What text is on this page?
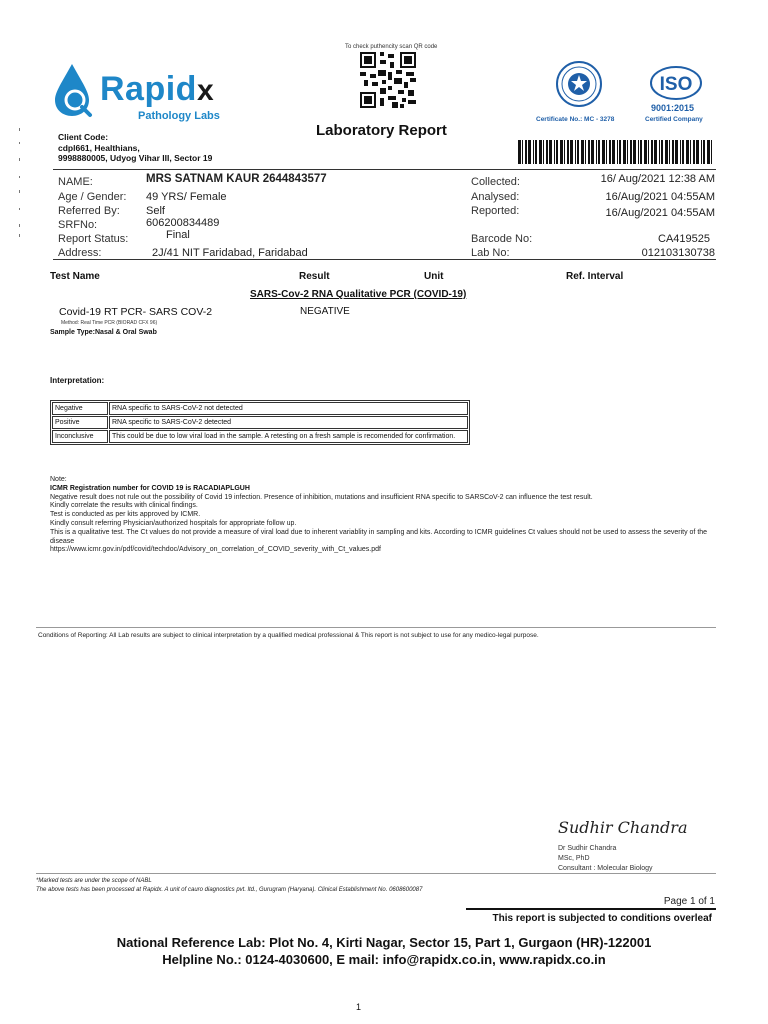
Rapidx
Pathology Labs
To check puthencity scan QR code
Certificate No.: MC - 3278
ISO
9001:2015
Certified Company
Laboratory Report
Client Code:
cdpl661, Healthians,
9998880005, Udyog Vihar III, Sector 19
NAME:	MRS SATNAM KAUR 2644843577
Age / Gender: 49 YRS/ Female
Referred By: Self
SRFNo:	606200834489
Report Status:	Final
Address:	2J/41 NIT Faridabad, Faridabad
Collected:	16/ Aug/2021 12:38 AM
Analysed:	16/Aug/2021 04:55AM
Reported:	16/Aug/2021 04:55AM
Barcode No:	CA419525
Lab No:	012103130738
Test Name	Result	Unit	Ref. Interval
SARS-Cov-2 RNA Qualitative PCR (COVID-19)
Covid-19 RT PCR- SARS COV-2
Method: Real Time PCR (BIORAD CFX 96)
Sample Type:Nasal & Oral Swab
NEGATIVE
Interpretation:
Negative	RNA specific to SARS-CoV-2 not detected
Positive	RNA specific to SARS-CoV-2 detected
Inconclusive	This could be due to low viral load in the sample. A retesting on a fresh sample is recomended for confirmation.
Note:
ICMR Registration number for COVID 19 is RACADIAPLGUH
Negative result does not rule out the possibility of Covid 19 infection. Presence of inhibition, mutations and insufficient RNA specific to SARSCoV-2 can influence the test result.
Kindly correlate the results with clinical findings.
Test is conducted as per kits approved by ICMR.
Kindly consult referring Physician/authorized hospitals for appropriate follow up.
This is a qualitative test. The Ct values do not provide a measure of viral load due to inherent variablity in sampling and kits. According to ICMR guidelines Ct values should not be used to assess the severity of the disease
https://www.icmr.gov.in/pdf/covid/techdoc/Advisory_on_correlation_of_COVID_severity_with_Ct_values.pdf
Conditions of Reporting: All Lab results are subject to clinical interpretation by a qualified medical professional & This report is not subject to use for any medico-legal purpose.
Sudhir Chandra
Dr Sudhir Chandra
MSc, PhD
Consultant : Molecular Biology
*Marked tests are under the scope of NABL
The above tests has been processed at Rapidx. A unit of cauro diagnostics pvt. ltd., Gurugram (Haryana). Clinical Establishment No. 0608600087
Page 1 of 1
This report is subjected to conditions overleaf
National Reference Lab: Plot No. 4, Kirti Nagar, Sector 15, Part 1, Gurgaon (HR)-122001
Helpline No.: 0124-4030600, E mail: info@rapidx.co.in, www.rapidx.co.in
1
